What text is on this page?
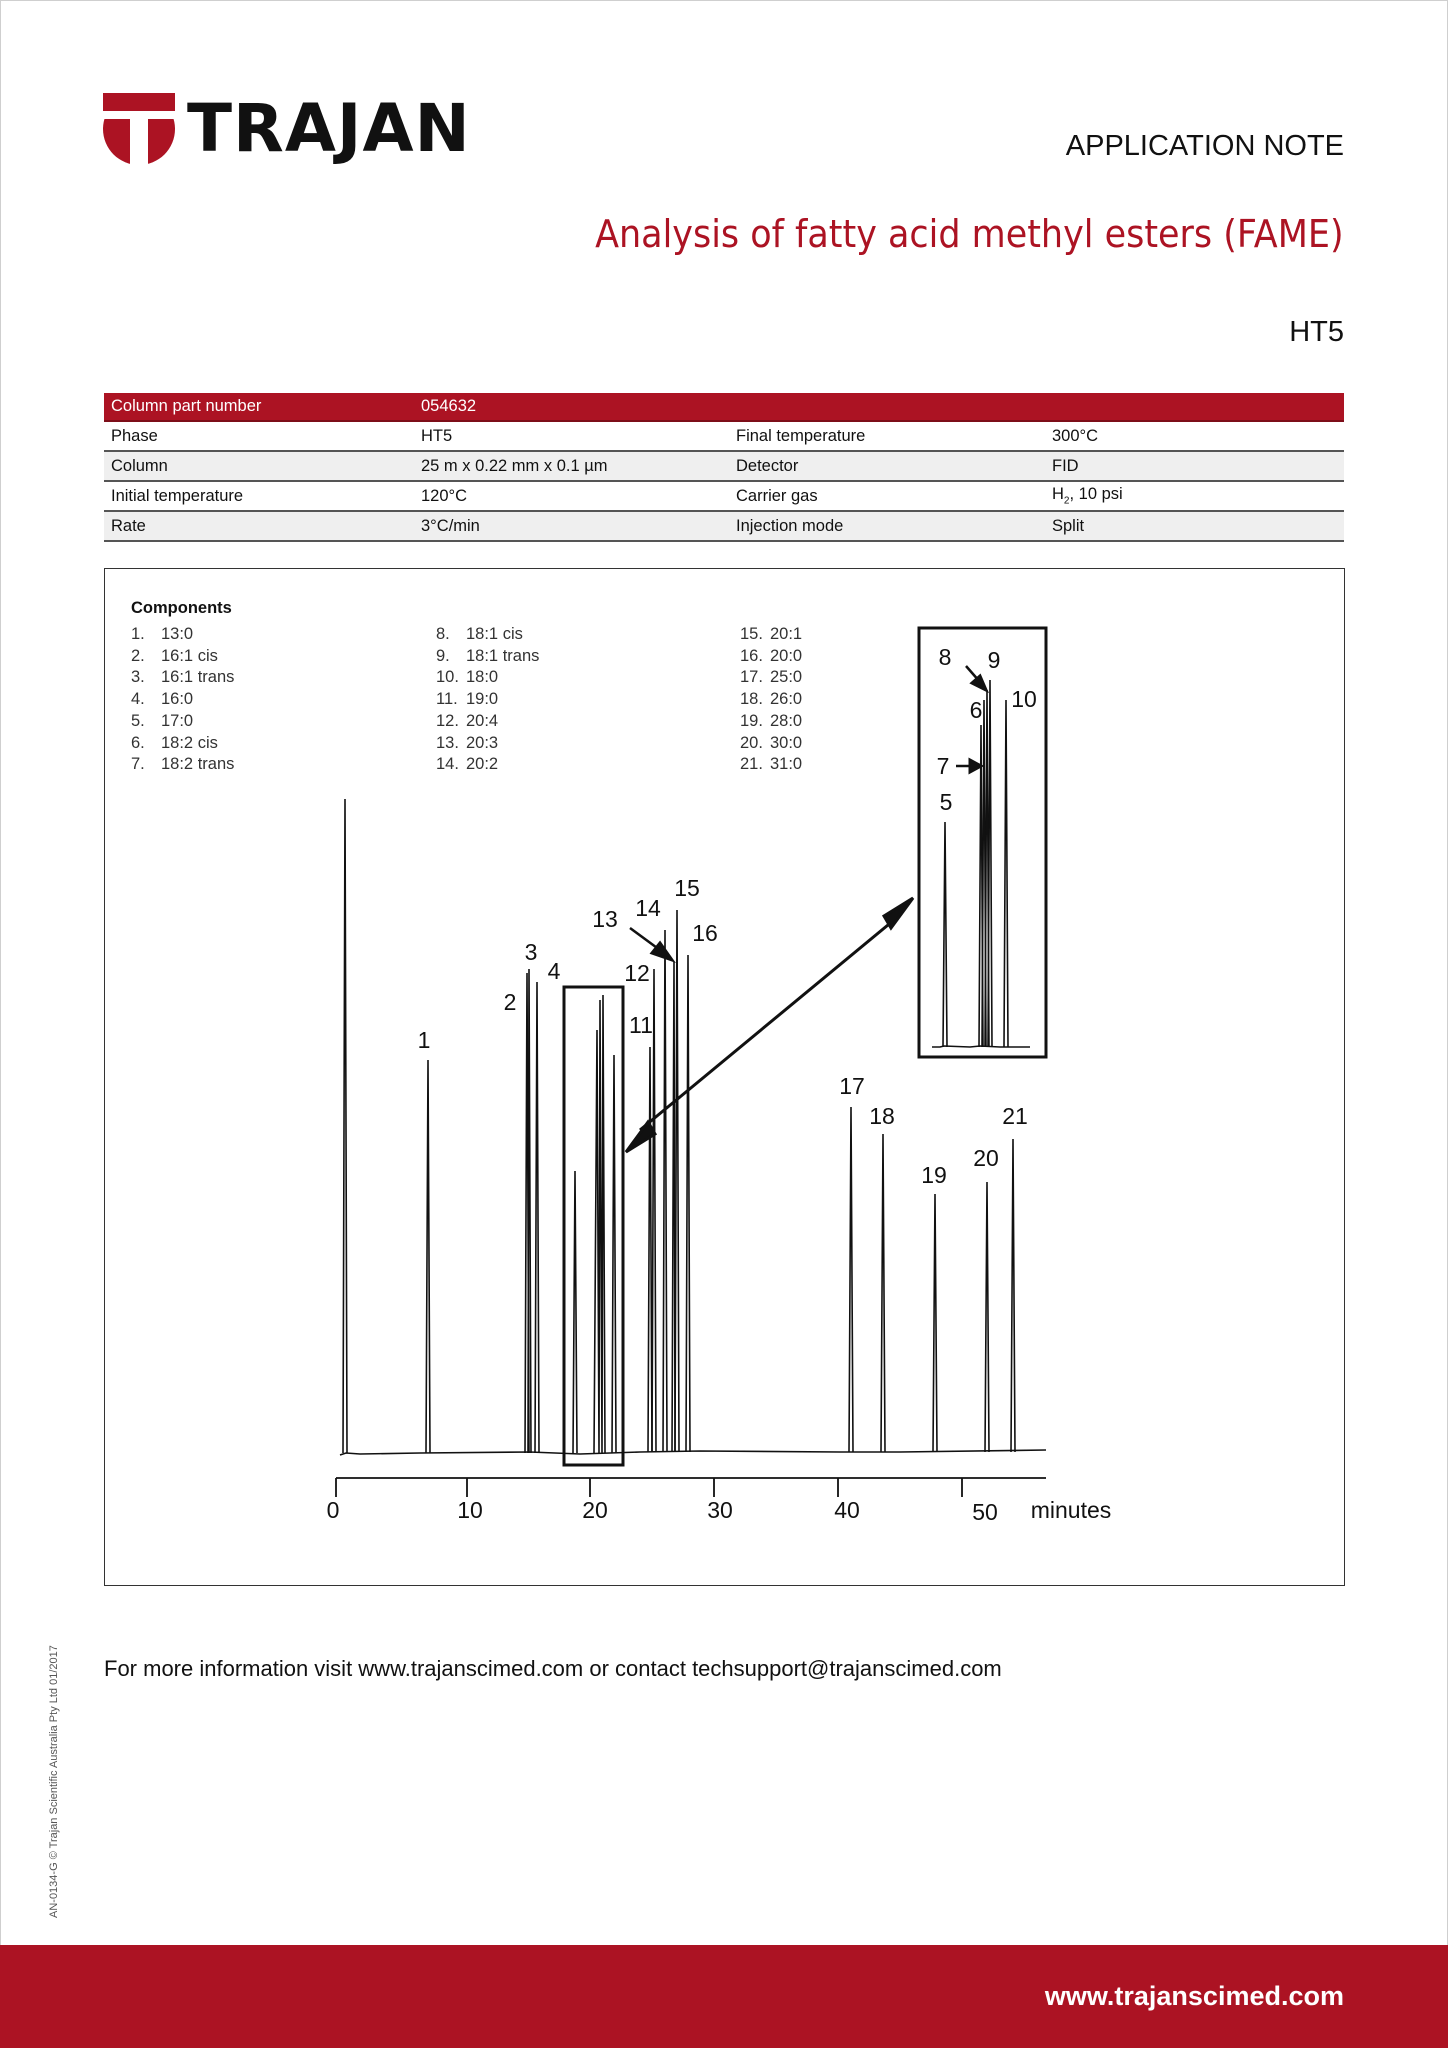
TRAJAN	APPLICATION NOTE
Analysis of fatty acid methyl esters (FAME)
HT5
Column part number	054632		
Phase	HT5	Final temperature	300°C
Column	25 m x 0.22 mm x 0.1 µm	Detector	FID
Initial temperature	120°C	Carrier gas	$H_2$, 10 psi
Rate	3°C/min	Injection mode	Split
Components
1. 13:0
2. 16:1 cis
3. 16:1 trans
4. 16:0
5. 17:0
6. 18:2 cis
7. 18:2 trans
8. 18:1 cis
9. 18:1 trans
10. 18:0
11. 19:0
12. 20:4
13. 20:3
14. 20:2
15. 20:1
16. 20:0
17. 25:0
18. 26:0
19. 28:0
20. 30:0
21. 31:0
1
2
3
4
11
12
13 14
15
16
17
18
19
20
21
5
6
7
8 9
10
0	10	20	30	40	50 minutes
For more information visit www.trajanscimed.com or contact techsupport@trajanscimed.com
AN-0134-G © Trajan Scientific Australia Pty Ltd 01/2017
www.trajanscimed.com
